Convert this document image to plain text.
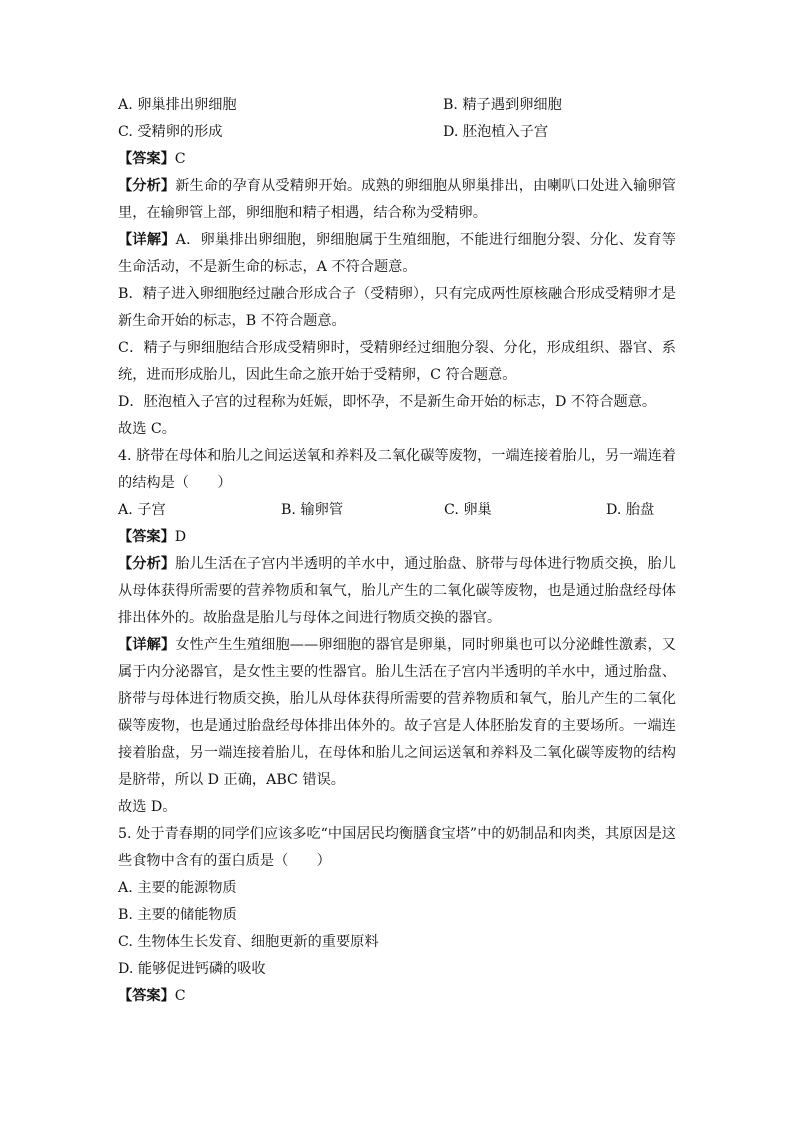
A. 卵巢排出卵细胞	B. 精子遇到卵细胞
C. 受精卵的形成	D. 胚泡植入子宫
【答案】C
【分析】新生命的孕育从受精卵开始。成熟的卵细胞从卵巢排出，由喇叭口处进入输卵管
里，在输卵管上部，卵细胞和精子相遇，结合称为受精卵。
【详解】A．卵巢排出卵细胞，卵细胞属于生殖细胞，不能进行细胞分裂、分化、发育等
生命活动，不是新生命的标志，A 不符合题意。
B．精子进入卵细胞经过融合形成合子（受精卵），只有完成两性原核融合形成受精卵才是
新生命开始的标志，B 不符合题意。
C．精子与卵细胞结合形成受精卵时，受精卵经过细胞分裂、分化，形成组织、器官、系
统，进而形成胎儿，因此生命之旅开始于受精卵，C 符合题意。
D．胚泡植入子宫的过程称为妊娠，即怀孕，不是新生命开始的标志，D 不符合题意。
故选 C。
4. 脐带在母体和胎儿之间运送氧和养料及二氧化碳等废物，一端连接着胎儿，另一端连着
的结构是（　　）
A. 子宫	B. 输卵管	C. 卵巢	D. 胎盘
【答案】D
【分析】胎儿生活在子宫内半透明的羊水中，通过胎盘、脐带与母体进行物质交换，胎儿
从母体获得所需要的营养物质和氧气，胎儿产生的二氧化碳等废物，也是通过胎盘经母体
排出体外的。故胎盘是胎儿与母体之间进行物质交换的器官。
【详解】女性产生生殖细胞——卵细胞的器官是卵巢，同时卵巢也可以分泌雌性激素，又
属于内分泌器官，是女性主要的性器官。胎儿生活在子宫内半透明的羊水中，通过胎盘、
脐带与母体进行物质交换，胎儿从母体获得所需要的营养物质和氧气，胎儿产生的二氧化
碳等废物，也是通过胎盘经母体排出体外的。故子宫是人体胚胎发育的主要场所。一端连
接着胎盘，另一端连接着胎儿，在母体和胎儿之间运送氧和养料及二氧化碳等废物的结构
是脐带，所以 D 正确，ABC 错误。
故选 D。
5. 处于青春期的同学们应该多吃“中国居民均衡膳食宝塔”中的奶制品和肉类，其原因是这
些食物中含有的蛋白质是（　　）
A. 主要的能源物质
B. 主要的储能物质
C. 生物体生长发育、细胞更新的重要原料
D. 能够促进钙磷的吸收
【答案】C
